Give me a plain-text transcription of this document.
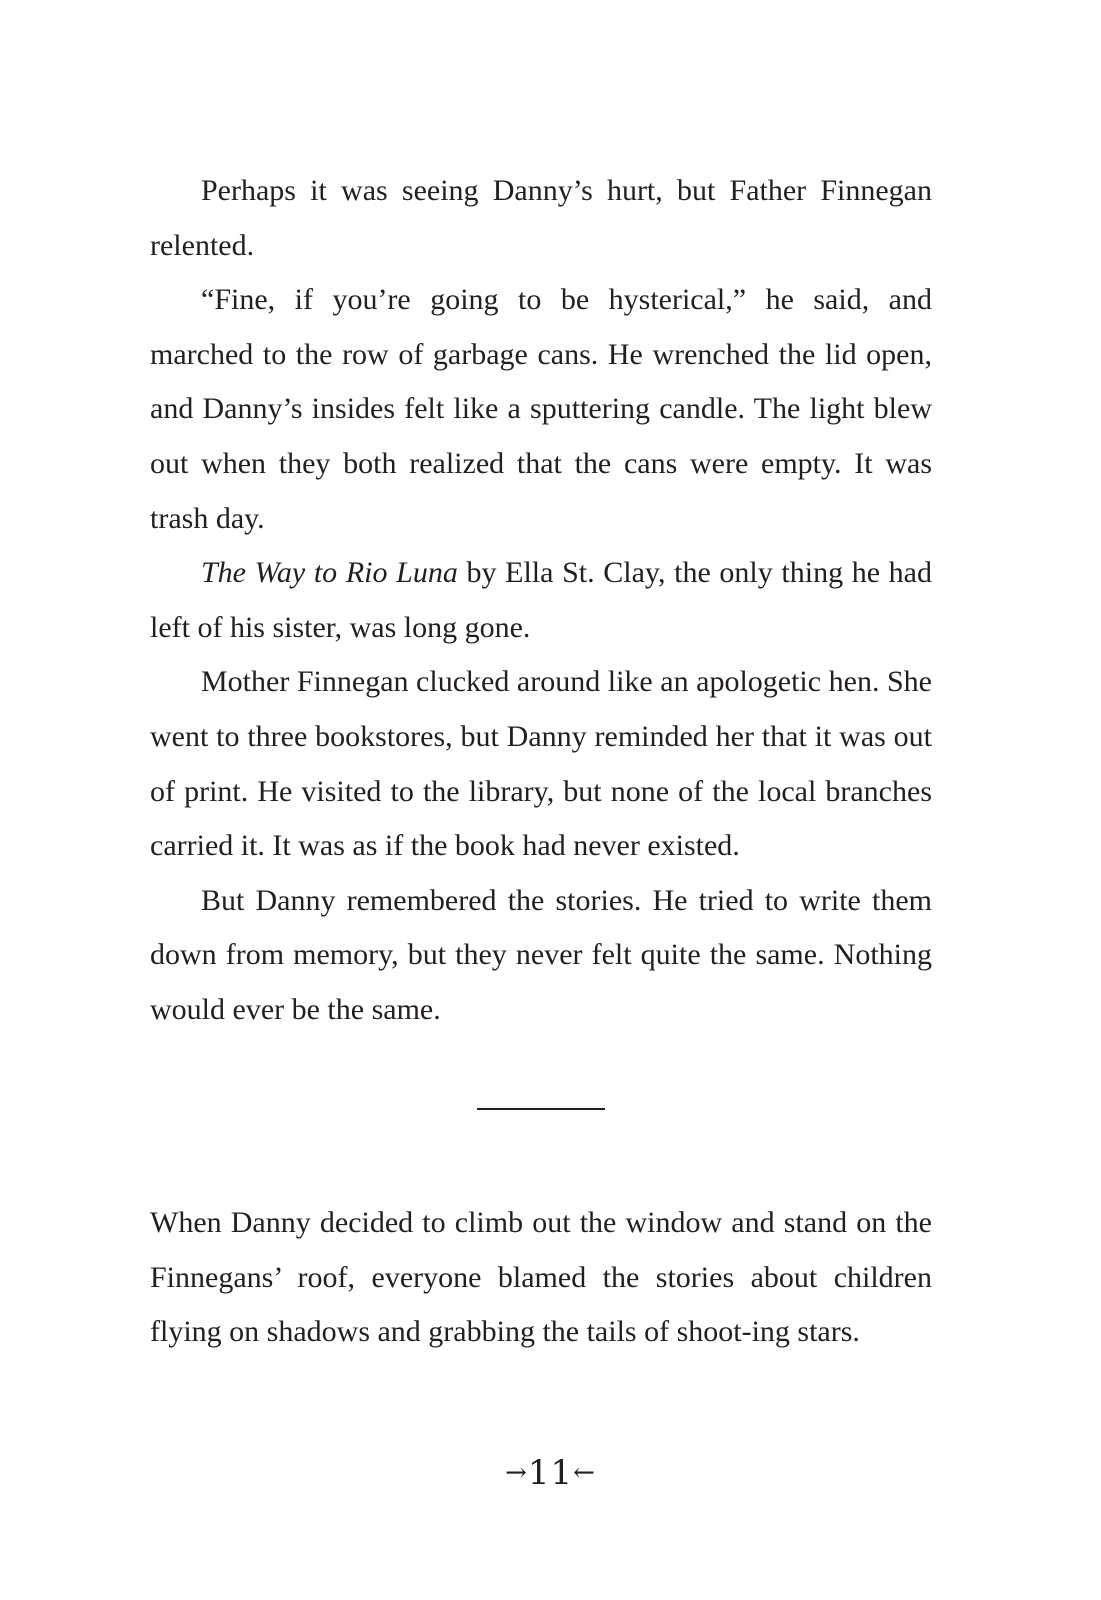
Perhaps it was seeing Danny’s hurt, but Father Finnegan relented.

“Fine, if you’re going to be hysterical,” he said, and marched to the row of garbage cans. He wrenched the lid open, and Danny’s insides felt like a sputtering candle. The light blew out when they both realized that the cans were empty. It was trash day.

The Way to Rio Luna by Ella St. Clay, the only thing he had left of his sister, was long gone.

Mother Finnegan clucked around like an apologetic hen. She went to three bookstores, but Danny reminded her that it was out of print. He visited to the library, but none of the local branches carried it. It was as if the book had never existed.

But Danny remembered the stories. He tried to write them down from memory, but they never felt quite the same. Nothing would ever be the same.

When Danny decided to climb out the window and stand on the Finnegans’ roof, everyone blamed the stories about children flying on shadows and grabbing the tails of shoot-ing stars.

→11←
